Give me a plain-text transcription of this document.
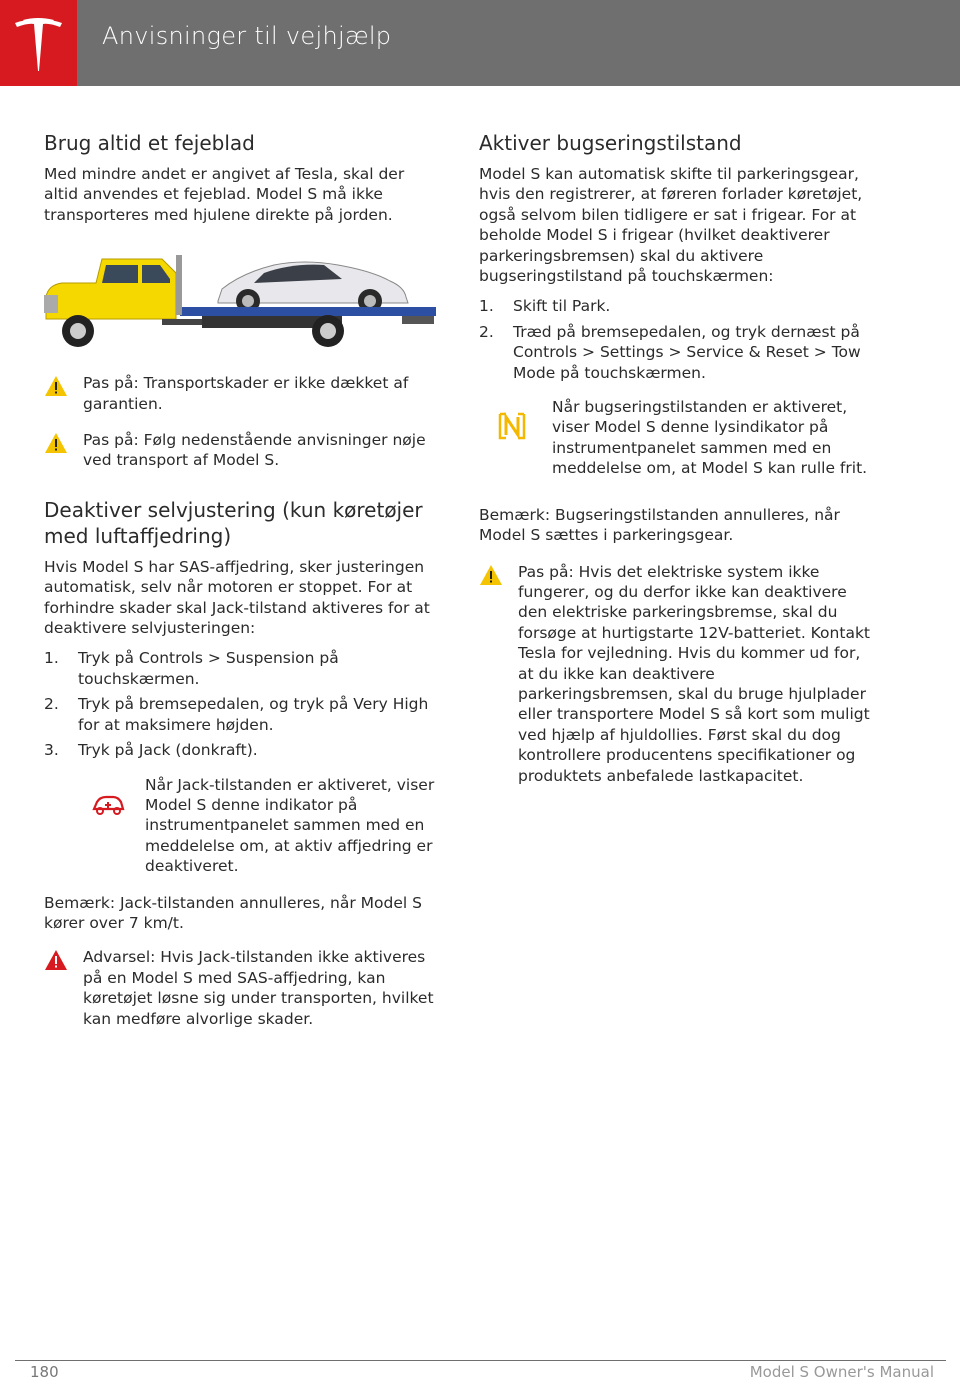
Anvisninger til vejhjælp
Brug altid et fejeblad

Med mindre andet er angivet af Tesla, skal der altid anvendes et fejeblad. Model S må ikke transporteres med hjulene direkte på jorden.

Pas på: Transportskader er ikke dækket af garantien.

Pas på: Følg nedenstående anvisninger nøje ved transport af Model S.

Deaktiver selvjustering (kun køretøjer med luftaffjedring)

Hvis Model S har SAS-affjedring, sker justeringen automatisk, selv når motoren er stoppet. For at forhindre skader skal Jack-tilstand aktiveres for at deaktivere selvjusteringen:

1. Tryk på Controls > Suspension på touchskærmen.
2. Tryk på bremsepedalen, og tryk på Very High for at maksimere højden.
3. Tryk på Jack (donkraft).

Når Jack-tilstanden er aktiveret, viser Model S denne indikator på instrumentpanelet sammen med en meddelelse om, at aktiv affjedring er deaktiveret.

Bemærk: Jack-tilstanden annulleres, når Model S kører over 7 km/t.

Advarsel: Hvis Jack-tilstanden ikke aktiveres på en Model S med SAS-affjedring, kan køretøjet løsne sig under transporten, hvilket kan medføre alvorlige skader.

Aktiver bugseringstilstand

Model S kan automatisk skifte til parkeringsgear, hvis den registrerer, at føreren forlader køretøjet, også selvom bilen tidligere er sat i frigear. For at beholde Model S i frigear (hvilket deaktiverer parkeringsbremsen) skal du aktivere bugseringstilstand på touchskærmen:

1. Skift til Park.
2. Træd på bremsepedalen, og tryk dernæst på Controls > Settings > Service & Reset > Tow Mode på touchskærmen.

Når bugseringstilstanden er aktiveret, viser Model S denne lysindikator på instrumentpanelet sammen med en meddelelse om, at Model S kan rulle frit.

Bemærk: Bugseringstilstanden annulleres, når Model S sættes i parkeringsgear.

Pas på: Hvis det elektriske system ikke fungerer, og du derfor ikke kan deaktivere den elektriske parkeringsbremse, skal du forsøge at hurtigstarte 12V-batteriet. Kontakt Tesla for vejledning. Hvis du kommer ud for, at du ikke kan deaktivere parkeringsbremsen, skal du bruge hjulplader eller transportere Model S så kort som muligt ved hjælp af hjuldollies. Først skal du dog kontrollere producentens specifikationer og produktets anbefalede lastkapacitet.

180	Model S Owner's Manual
